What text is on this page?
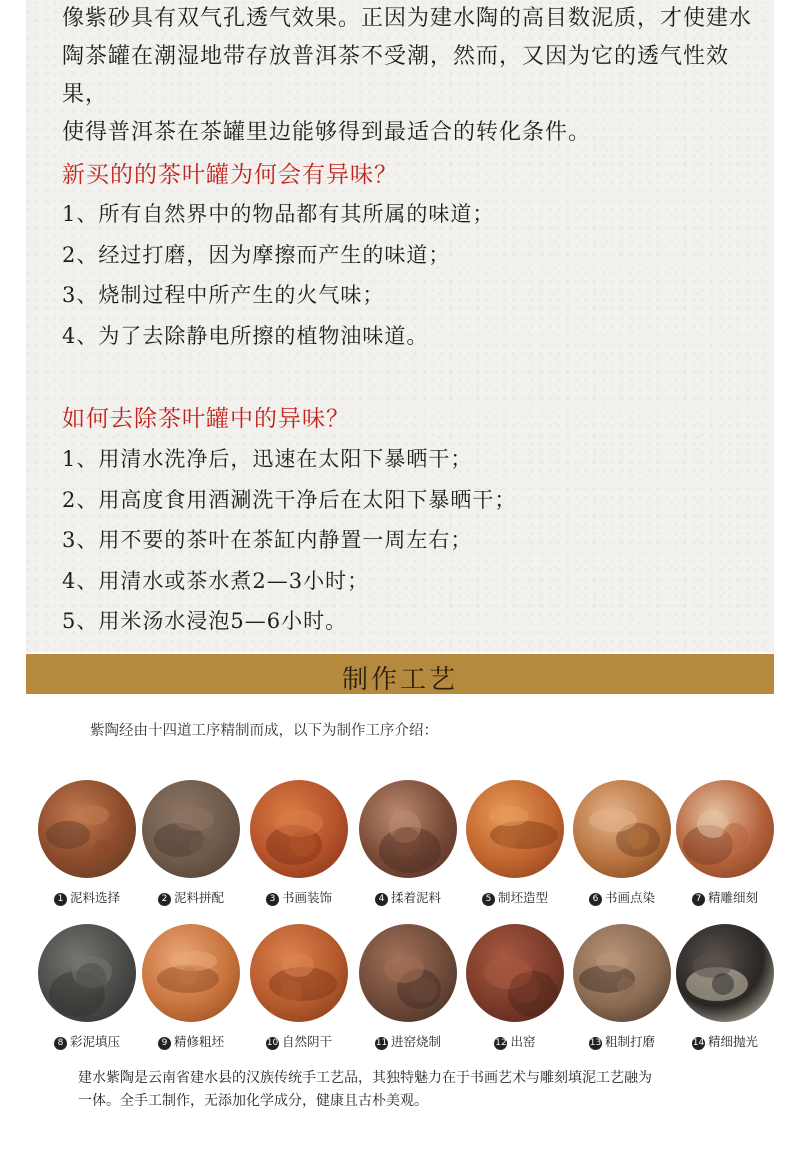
像紫砂具有双气孔透气效果。正因为建水陶的高目数泥质，才使建水

陶茶罐在潮湿地带存放普洱茶不受潮，然而，又因为它的透气性效果，

使得普洱茶在茶罐里边能够得到最适合的转化条件。

新买的的茶叶罐为何会有异味？
1、所有自然界中的物品都有其所属的味道；
2、经过打磨，因为摩擦而产生的味道；
3、烧制过程中所产生的火气味；
4、为了去除静电所擦的植物油味道。
如何去除茶叶罐中的异味？
1、用清水洗净后，迅速在太阳下暴晒干；
2、用高度食用酒涮洗干净后在太阳下暴晒干；
3、用不要的茶叶在茶缸内静置一周左右；
4、用清水或茶水煮2—3小时；
5、用米汤水浸泡5—6小时。
制作工艺
紫陶经由十四道工序精制而成，以下为制作工序介绍：
1 泥料选择	2 泥料拼配	3 书画装饰	4 揉着泥料	5 制坯造型	6 书画点染	7 精雕细刻
8 彩泥填压	9 精修粗坯	10 自然阴干	11 进窑烧制	12 出窑	13 粗制打磨	14 精细抛光
建水紫陶是云南省建水县的汉族传统手工艺品，其独特魅力在于书画艺术与雕刻填泥工艺融为
一体。全手工制作，无添加化学成分，健康且古朴美观。
